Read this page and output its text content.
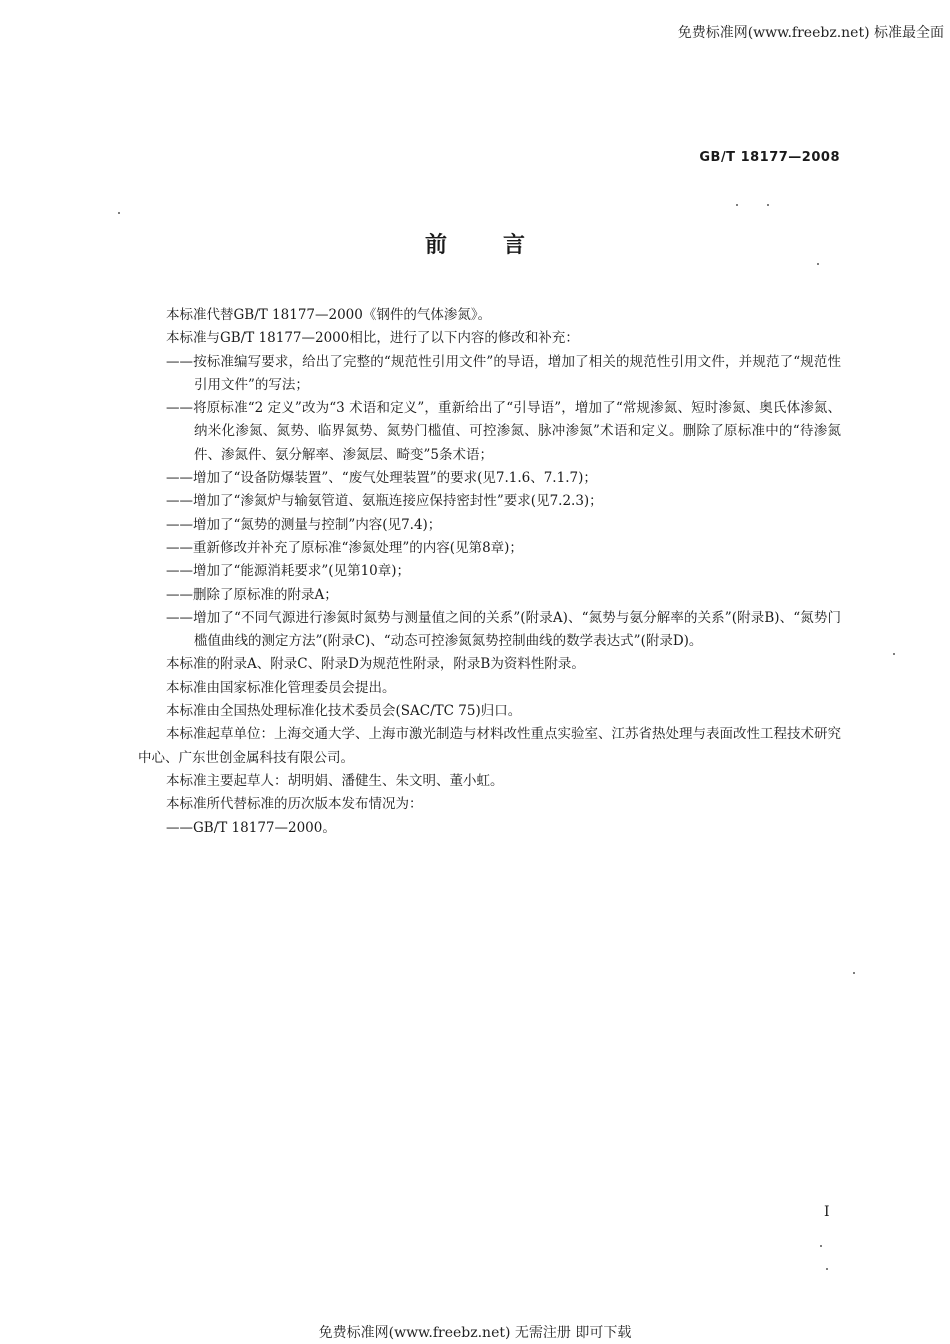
免费标准网(www.freebz.net) 标准最全面
GB/T 18177—2008
前言

本标准代替GB/T 18177—2000《钢件的气体渗氮》。

本标准与GB/T 18177—2000相比，进行了以下内容的修改和补充：

——按标准编写要求，给出了完整的“规范性引用文件”的导语，增加了相关的规范性引用文件，并规范了“规范性引用文件”的写法；

——将原标准“2 定义”改为“3 术语和定义”，重新给出了“引导语”，增加了“常规渗氮、短时渗氮、奥氏体渗氮、纳米化渗氮、氮势、临界氮势、氮势门槛值、可控渗氮、脉冲渗氮”术语和定义。删除了原标准中的“待渗氮件、渗氮件、氨分解率、渗氮层、畸变”5条术语；

——增加了“设备防爆装置”、“废气处理装置”的要求(见7.1.6、7.1.7)；

——增加了“渗氮炉与输氨管道、氨瓶连接应保持密封性”要求(见7.2.3)；

——增加了“氮势的测量与控制”内容(见7.4)；

——重新修改并补充了原标准“渗氮处理”的内容(见第8章)；

——增加了“能源消耗要求”(见第10章)；

——删除了原标准的附录A；

——增加了“不同气源进行渗氮时氮势与测量值之间的关系”(附录A)、“氮势与氨分解率的关系”(附录B)、“氮势门槛值曲线的测定方法”(附录C)、“动态可控渗氮氮势控制曲线的数学表达式”(附录D)。

本标准的附录A、附录C、附录D为规范性附录，附录B为资料性附录。

本标准由国家标准化管理委员会提出。

本标准由全国热处理标准化技术委员会(SAC/TC 75)归口。

本标准起草单位：上海交通大学、上海市激光制造与材料改性重点实验室、江苏省热处理与表面改性工程技术研究中心、广东世创金属科技有限公司。

本标准主要起草人：胡明娟、潘健生、朱文明、董小虹。

本标准所代替标准的历次版本发布情况为：

——GB/T 18177—2000。

I
免费标准网(www.freebz.net) 无需注册 即可下载
